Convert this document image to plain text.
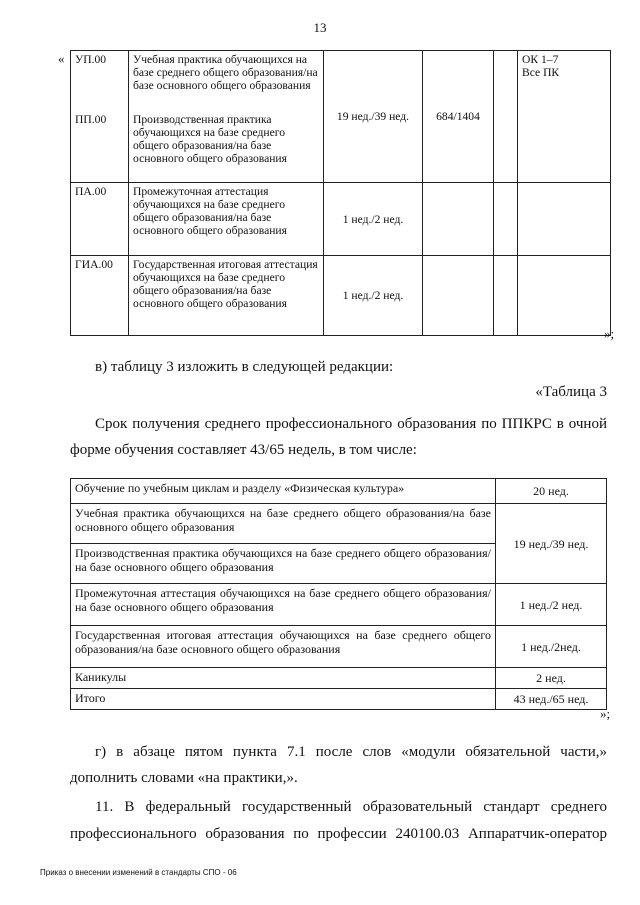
13
« УП.00	Учебная практика обучающихся на базе среднего общего образования/на базе основного общего образования	19 нед./39 нед.	684/1404		ОК 1–7
Все ПК

ПП.00	Производственная практика обучающихся на базе среднего общего образования/на базе основного общего образования				
ПА.00	Промежуточная аттестация обучающихся на базе среднего общего образования/на базе основного общего образования	1 нед./2 нед.			
ГИА.00	Государственная итоговая аттестация обучающихся на базе среднего общего образования/на базе основного общего образования	1 нед./2 нед.			
»;
в) таблицу 3 изложить в следующей редакции:
«Таблица 3
Срок получения среднего профессионального образования по ППКРС в очной
форме обучения составляет 43/65 недель, в том числе:
Обучение по учебным циклам и разделу «Физическая культура»	20 нед.
Учебная практика обучающихся на базе среднего общего образования/на базе основного общего образования	19 нед./39 нед.
Производственная практика обучающихся на базе среднего общего образования/на базе основного общего образования	
Промежуточная аттестация обучающихся на базе среднего общего образования/на базе основного общего образования	1 нед./2 нед.
Государственная итоговая аттестация обучающихся на базе среднего общего образования/на базе основного общего образования	1 нед./2нед.
Каникулы	2 нед.
Итого	43 нед./65 нед.
»;
г) в абзаце пятом пункта 7.1 после слов «модули обязательной части,»
дополнить словами «на практики,».
11. В федеральный государственный образовательный стандарт среднего
профессионального образования по профессии 240100.03 Аппаратчик-оператор
Приказ о внесении изменений в стандарты СПО - 06
